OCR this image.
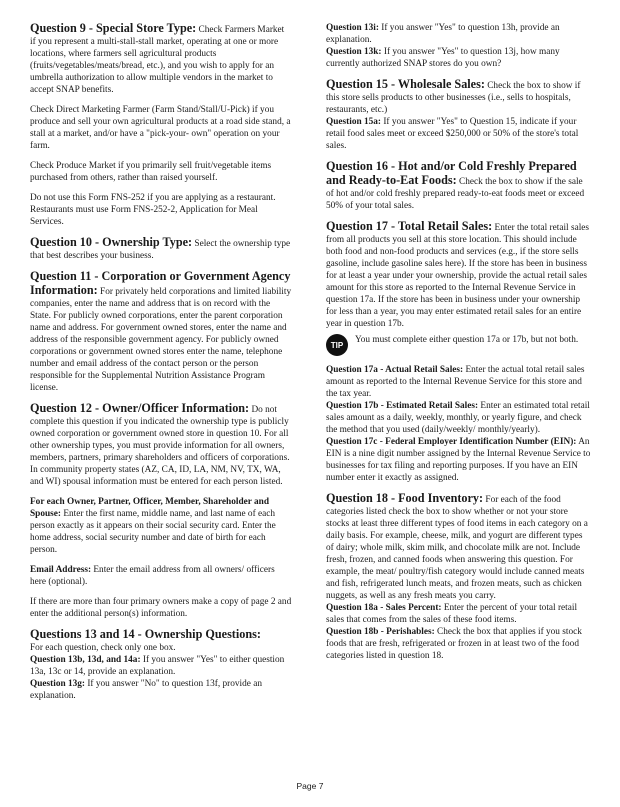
Question 9 - Special Store Type: Check Farmers Market if you represent a multi-stall-stall market, operating at one or more locations, where farmers sell agricultural products (fruits/vegetables/meats/bread, etc.), and you wish to apply for an umbrella authorization to allow multiple vendors in the market to accept SNAP benefits.

Check Direct Marketing Farmer (Farm Stand/Stall/U-Pick) if you produce and sell your own agricultural products at a road side stand, a stall at a market, and/or have a "pick-your- own" operation on your farm.

Check Produce Market if you primarily sell fruit/vegetable items purchased from others, rather than raised yourself.

Do not use this Form FNS-252 if you are applying as a restaurant. Restaurants must use Form FNS-252-2, Application for Meal Services.

Question 10 - Ownership Type: Select the ownership type that best describes your business.

Question 11 - Corporation or Government Agency Information: For privately held corporations and limited liability companies, enter the name and address that is on record with the State. For publicly owned corporations, enter the parent corporation name and address. For government owned stores, enter the name and address of the responsible government agency. For publicly owned corporations or government owned stores enter the name, telephone number and email address of the contact person or the person responsible for the Supplemental Nutrition Assistance Program license.

Question 12 - Owner/Officer Information: Do not complete this question if you indicated the ownership type is publicly owned corporation or government owned store in question 10. For all other ownership types, you must provide information for all owners, members, partners, primary shareholders and officers of corporations. In community property states (AZ, CA, ID, LA, NM, NV, TX, WA, and WI) spousal information must be entered for each person listed.

For each Owner, Partner, Officer, Member, Shareholder and Spouse: Enter the first name, middle name, and last name of each person exactly as it appears on their social security card. Enter the home address, social security number and date of birth for each person.

Email Address: Enter the email address from all owners/ officers here (optional).

If there are more than four primary owners make a copy of page 2 and enter the additional person(s) information.

Questions 13 and 14 - Ownership Questions:

For each question, check only one box.

Question 13b, 13d, and 14a: If you answer "Yes" to either question 13a, 13c or 14, provide an explanation.

Question 13g: If you answer "No" to question 13f, provide an explanation.

Question 13i: If you answer "Yes" to question 13h, provide an explanation.

Question 13k: If you answer "Yes" to question 13j, how many currently authorized SNAP stores do you own?

Question 15 - Wholesale Sales: Check the box to show if this store sells products to other businesses (i.e., sells to hospitals, restaurants, etc.)

Question 15a: If you answer "Yes" to Question 15, indicate if your retail food sales meet or exceed $250,000 or 50% of the store's total sales.

Question 16 - Hot and/or Cold Freshly Prepared and Ready-to-Eat Foods: Check the box to show if the sale of hot and/or cold freshly prepared ready-to-eat foods meet or exceed 50% of your total sales.

Question 17 - Total Retail Sales: Enter the total retail sales from all products you sell at this store location. This should include both food and non-food products and services (e.g., if the store sells gasoline, include gasoline sales here). If the store has been in business for at least a year under your ownership, provide the actual retail sales amount for this store as reported to the Internal Revenue Service in question 17a. If the store has been in business under your ownership for less than a year, you may enter estimated retail sales for an entire year in question 17b.

TIP	You must complete either question 17a or 17b, but not both.

Question 17a - Actual Retail Sales: Enter the actual total retail sales amount as reported to the Internal Revenue Service for this store and the tax year.

Question 17b - Estimated Retail Sales: Enter an estimated total retail sales amount as a daily, weekly, monthly, or yearly figure, and check the method that you used (daily/weekly/ monthly/yearly).

Question 17c - Federal Employer Identification Number (EIN): An EIN is a nine digit number assigned by the Internal Revenue Service to businesses for tax filing and reporting purposes. If you have an EIN number enter it exactly as assigned.

Question 18 - Food Inventory: For each of the food categories listed check the box to show whether or not your store stocks at least three different types of food items in each category on a daily basis. For example, cheese, milk, and yogurt are different types of dairy; whole milk, skim milk, and chocolate milk are not. Include fresh, frozen, and canned foods when answering this question. For example, the meat/ poultry/fish category would include canned meats and fish, refrigerated lunch meats, and frozen meats, such as chicken nuggets, as well as any fresh meats you carry.

Question 18a - Sales Percent: Enter the percent of your total retail sales that comes from the sales of these food items.

Question 18b - Perishables: Check the box that applies if you stock foods that are fresh, refrigerated or frozen in at least two of the food categories listed in question 18.

Page 7
